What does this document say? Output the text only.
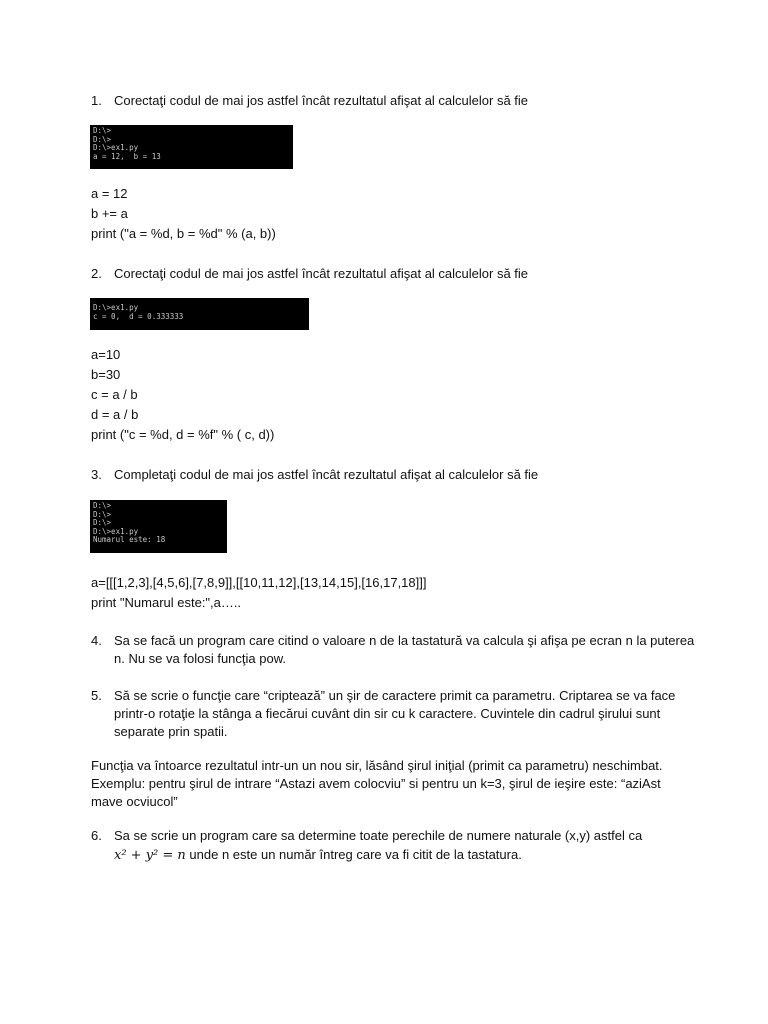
1. Corectaţi codul de mai jos astfel încât rezultatul afişat al calculelor să fie
D:\>
D:\>
D:\>ex1.py
a = 12,  b = 13
a = 12
b += a
print ("a = %d, b = %d" % (a, b))
2. Corectaţi codul de mai jos astfel încât rezultatul afişat al calculelor să fie
D:\>ex1.py
c = 0,  d = 0.333333
a=10
b=30
c = a / b
d = a / b
print ("c = %d, d = %f" % ( c, d))
3. Completaţi codul de mai jos astfel încât rezultatul afişat al calculelor să fie
D:\>
D:\>
D:\>
D:\>ex1.py
Numarul este: 18
a=[[[1,2,3],[4,5,6],[7,8,9]],[[10,11,12],[13,14,15],[16,17,18]]]
print "Numarul este:",a…..
4. Sa se facă un program care citind o valoare n de la tastatură va calcula şi afişa pe ecran n la puterea
n. Nu se va folosi funcţia pow.
5. Să se scrie o funcţie care “criptează” un şir de caractere primit ca parametru. Criptarea se va face
printr-o rotaţie la stânga a fiecărui cuvânt din sir cu k caractere. Cuvintele din cadrul şirului sunt
separate prin spatii.
Funcţia va întoarce rezultatul intr-un un nou sir, lăsând şirul iniţial (primit ca parametru) neschimbat.
Exemplu: pentru şirul de intrare “Astazi avem colocviu” si pentru un k=3, şirul de ieşire este: “aziAst
mave ocviucol”
6. Sa se scrie un program care sa determine toate perechile de numere naturale (x,y) astfel ca
x² + y² = n unde n este un număr întreg care va fi citit de la tastatura.
